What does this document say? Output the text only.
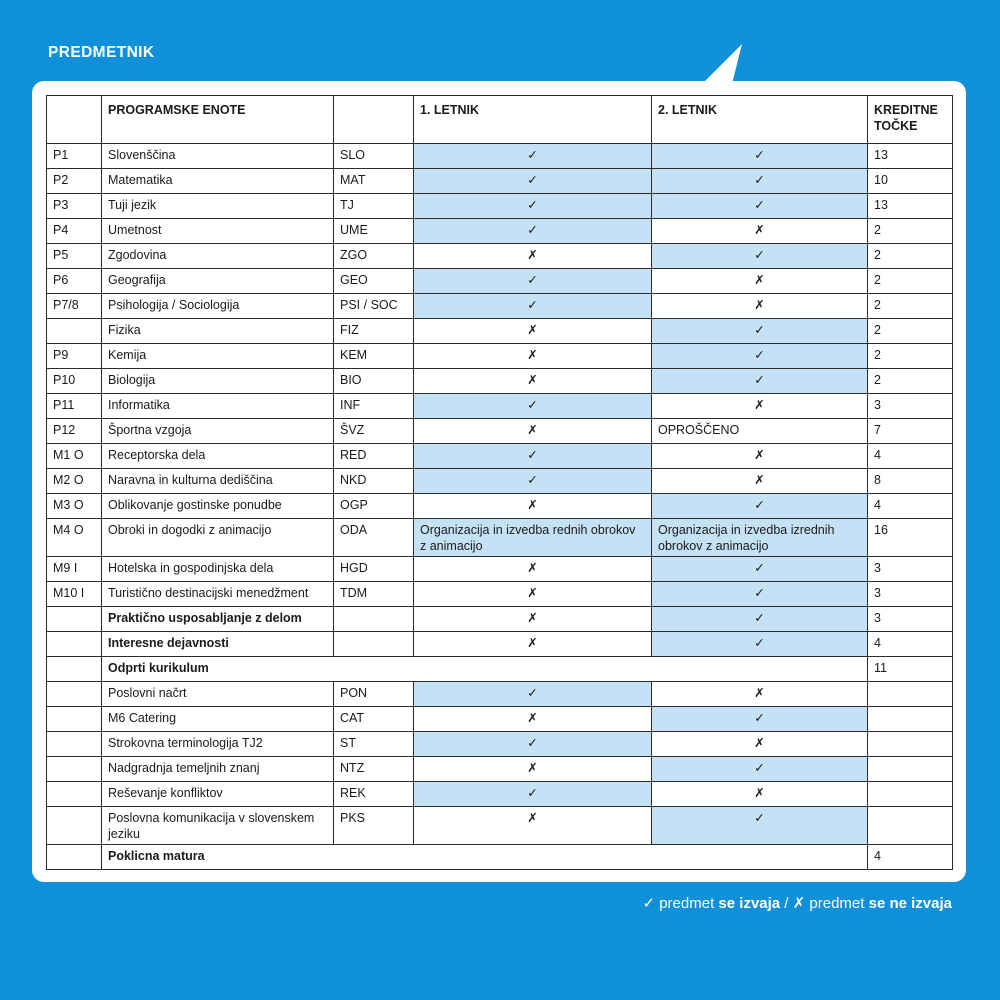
PREDMETNIK
	PROGRAMSKE ENOTE		1. LETNIK	2. LETNIK	KREDITNE TOČKE
P1	Slovenščina	SLO	✓	✓	13
P2	Matematika	MAT	✓	✓	10
P3	Tuji jezik	TJ	✓	✓	13
P4	Umetnost	UME	✓	✗	2
P5	Zgodovina	ZGO	✗	✓	2
P6	Geografija	GEO	✓	✗	2
P7/8	Psihologija / Sociologija	PSI / SOC	✓	✗	2
	Fizika	FIZ	✗	✓	2
P9	Kemija	KEM	✗	✓	2
P10	Biologija	BIO	✗	✓	2
P11	Informatika	INF	✓	✗	3
P12	Športna vzgoja	ŠVZ	✗	OPROŠČENO	7
M1 O	Receptorska dela	RED	✓	✗	4
M2 O	Naravna in kulturna dediščina	NKD	✓	✗	8
M3 O	Oblikovanje gostinske ponudbe	OGP	✗	✓	4
M4 O	Obroki in dogodki z animacijo	ODA	Organizacija in izvedba rednih obrokov z animacijo	Organizacija in izvedba izrednih obrokov z animacijo	16
M9 I	Hotelska in gospodinjska dela	HGD	✗	✓	3
M10 I	Turistično destinacijski menedžment	TDM	✗	✓	3
	Praktično usposabljanje z delom		✗	✓	3
	Interesne dejavnosti		✗	✓	4
	Odprti kurikulum				11
	Poslovni načrt	PON	✓	✗	
	M6 Catering	CAT	✗	✓	
	Strokovna terminologija TJ2	ST	✓	✗	
	Nadgradnja temeljnih znanj	NTZ	✗	✓	
	Reševanje konfliktov	REK	✓	✗	
	Poslovna komunikacija v slovenskem jeziku	PKS	✗	✓	
	Poklicna matura				4
✓ predmet se izvaja / ✗ predmet se ne izvaja
